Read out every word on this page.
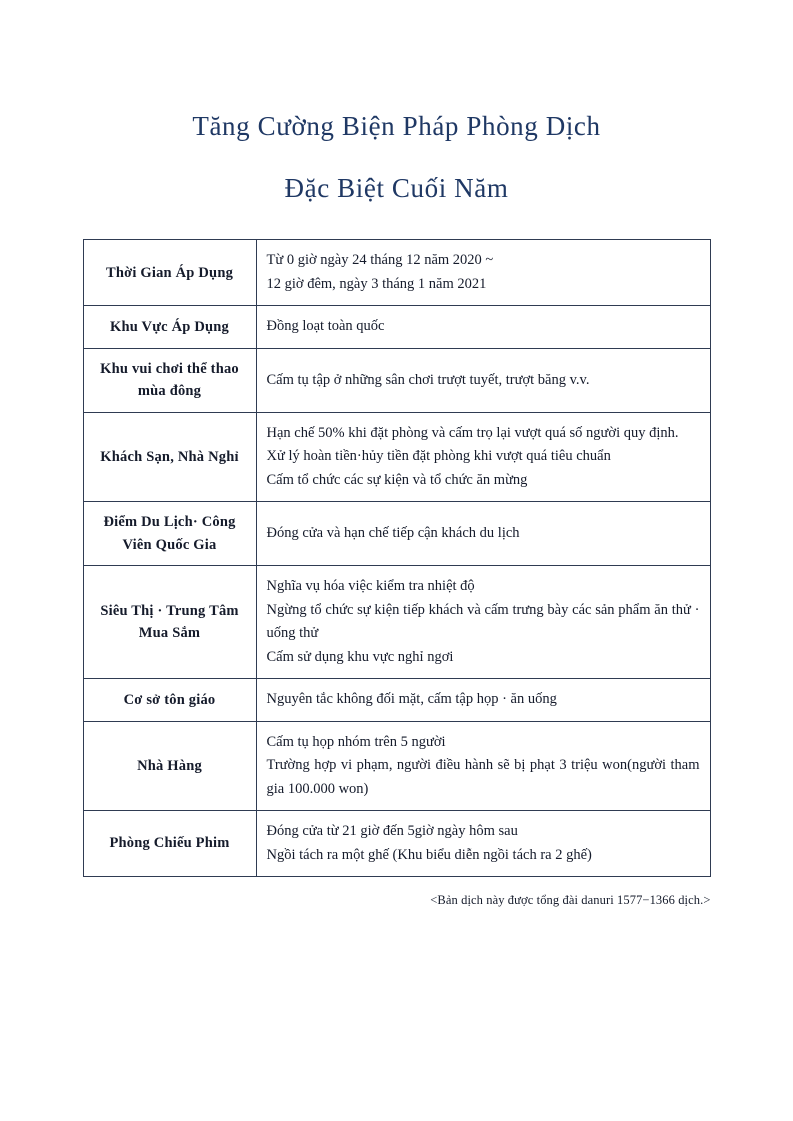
Tăng Cường Biện Pháp Phòng Dịch
Đặc Biệt Cuối Năm
Thời Gian Áp Dụng	Từ 0 giờ ngày 24 tháng 12 năm 2020 ~
12 giờ đêm, ngày 3 tháng 1 năm 2021

Khu Vực Áp Dụng	Đồng loạt toàn quốc

Khu vui chơi thể thao mùa đông	Cấm tụ tập ở những sân chơi trượt tuyết, trượt băng v.v.

Khách Sạn, Nhà Nghỉ	Hạn chế 50% khi đặt phòng và cấm trọ lại vượt quá số người quy định.
Xử lý hoàn tiền·hủy tiền đặt phòng khi vượt quá tiêu chuẩn
Cấm tổ chức các sự kiện và tổ chức ăn mừng

Điểm Du Lịch· Công Viên Quốc Gia	Đóng cửa và hạn chế tiếp cận khách du lịch

Siêu Thị · Trung Tâm Mua Sắm	Nghĩa vụ hóa việc kiểm tra nhiệt độ
Ngừng tổ chức sự kiện tiếp khách và cấm trưng bày các sản phẩm ăn thử · uống thử
Cấm sử dụng khu vực nghỉ ngơi

Cơ sở tôn giáo	Nguyên tắc không đối mặt, cấm tập họp · ăn uống

Nhà Hàng	Cấm tụ họp nhóm trên 5 người
Trường hợp vi phạm, người điều hành sẽ bị phạt 3 triệu won(người tham gia 100.000 won)

Phòng Chiếu Phim	Đóng cửa từ 21 giờ đến 5giờ ngày hôm sau
Ngồi tách ra một ghế (Khu biểu diễn ngồi tách ra 2 ghế)
<Bản dịch này được tổng đài danuri 1577−1366 dịch.>
